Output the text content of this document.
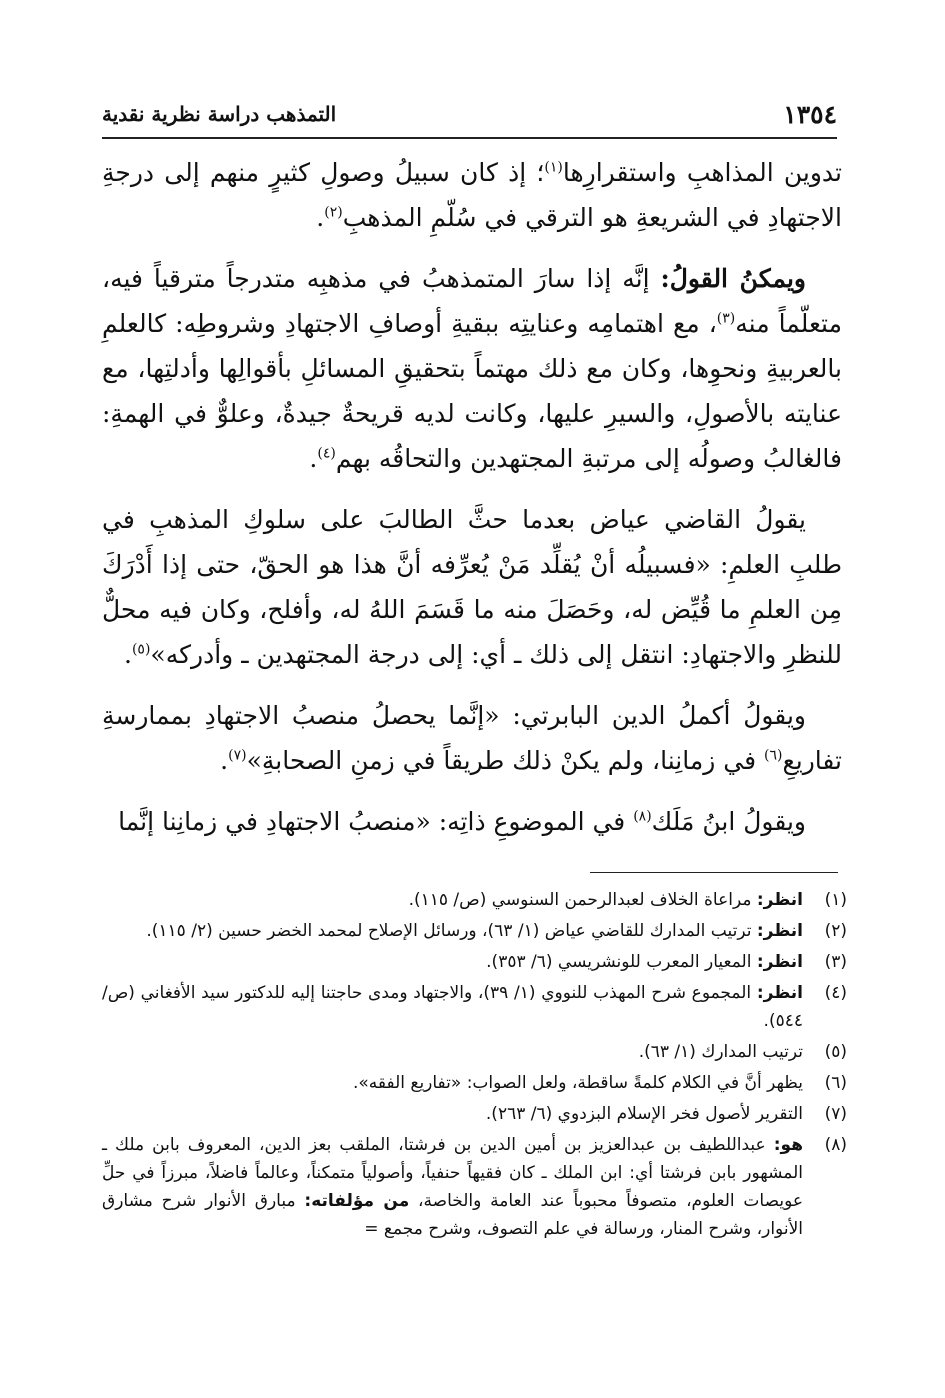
١٣٥٤
التمذهب دراسة نظرية نقدية

تدوين المذاهبِ واستقرارِها$^{(١)}$؛ إذ كان سبيلُ وصولِ كثيرٍ منهم إلى درجةِ الاجتهادِ في الشريعةِ هو الترقي في سُلّمِ المذهبِ$^{(٢)}$.

ويمكنُ القولُ: إنَّه إذا سارَ المتمذهبُ في مذهبِه متدرجاً مترقياً فيه، متعلّماً منه$^{(٣)}$، مع اهتمامِه وعنايتِه ببقيةِ أوصافِ الاجتهادِ وشروطِه: كالعلمِ بالعربيةِ ونحوِها، وكان مع ذلك مهتماً بتحقيقِ المسائلِ بأقوالِها وأدلتِها، مع عنايته بالأصولِ، والسيرِ عليها، وكانت لديه قريحةٌ جيدةٌ، وعلوٌّ في الهمةِ: فالغالبُ وصولُه إلى مرتبةِ المجتهدين والتحاقُه بهم$^{(٤)}$.

يقولُ القاضي عياض بعدما حثَّ الطالبَ على سلوكِ المذهبِ في طلبِ العلمِ: «فسبيلُه أنْ يُقلِّد مَنْ يُعرِّفه أنَّ هذا هو الحقّ، حتى إذا أَدْرَكَ مِن العلمِ ما قُيِّض له، وحَصَلَ منه ما قَسَمَ اللهُ له، وأفلح، وكان فيه محلٌّ للنظرِ والاجتهادِ: انتقل إلى ذلك ـ أي: إلى درجة المجتهدين ـ وأدركه»$^{(٥)}$.

ويقولُ أكملُ الدين البابرتي: «إنَّما يحصلُ منصبُ الاجتهادِ بممارسةِ تفاريعِ$^{(٦)}$ في زمانِنا، ولم يكنْ ذلك طريقاً في زمنِ الصحابةِ»$^{(٧)}$.

ويقولُ ابنُ مَلَك$^{(٨)}$ في الموضوعِ ذاتِه: «منصبُ الاجتهادِ في زمانِنا إنَّما

(١)
انظر: مراعاة الخلاف لعبدالرحمن السنوسي (ص/ ١١٥).
(٢)
انظر: ترتيب المدارك للقاضي عياض (١/ ٦٣)، ورسائل الإصلاح لمحمد الخضر حسين (٢/ ١١٥).
(٣)
انظر: المعيار المعرب للونشريسي (٦/ ٣٥٣).
(٤)
انظر: المجموع شرح المهذب للنووي (١/ ٣٩)، والاجتهاد ومدى حاجتنا إليه للدكتور سيد الأفغاني (ص/ ٥٤٤).
(٥)
ترتيب المدارك (١/ ٦٣).
(٦)
يظهر أنَّ في الكلام كلمةً ساقطة، ولعل الصواب: «تفاريع الفقه».
(٧)
التقرير لأصول فخر الإسلام البزدوي (٦/ ٢٦٣).
(٨)
هو: عبداللطيف بن عبدالعزيز بن أمين الدين بن فرشتا، الملقب بعز الدين، المعروف بابن ملك ـ المشهور بابن فرشتا أي: ابن الملك ـ كان فقيهاً حنفياً، وأصولياً متمكناً، وعالماً فاضلاً، مبرزاً في حلِّ عويصات العلوم، متصوفاً محبوباً عند العامة والخاصة، من مؤلفاته: مبارق الأنوار شرح مشارق الأنوار، وشرح المنار، ورسالة في علم التصوف، وشرح مجمع =
